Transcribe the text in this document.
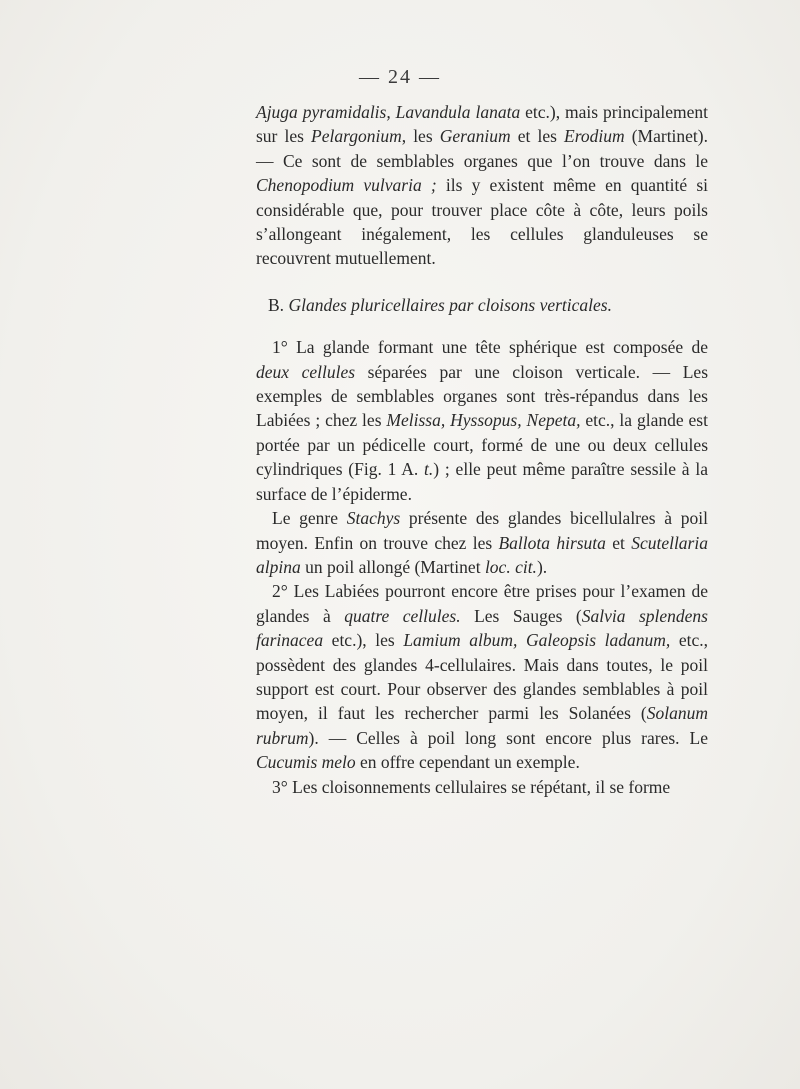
— 24 —

Ajuga pyramidalis, Lavandula lanata etc.), mais principalement sur les Pelargonium, les Geranium et les Erodium (Martinet). — Ce sont de semblables organes que l’on trouve dans le Chenopodium vulvaria ; ils y existent même en quantité si considérable que, pour trouver place côte à côte, leurs poils s’allongeant inégalement, les cellules glanduleuses se recouvrent mutuellement.

B. Glandes pluricellaires par cloisons verticales.

1° La glande formant une tête sphérique est composée de deux cellules séparées par une cloison verticale. — Les exemples de semblables organes sont très-répandus dans les Labiées ; chez les Melissa, Hyssopus, Nepeta, etc., la glande est portée par un pédicelle court, formé de une ou deux cellules cylindriques (Fig. 1 A. t.) ; elle peut même paraître sessile à la surface de l’épiderme.

Le genre Stachys présente des glandes bicellulalres à poil moyen. Enfin on trouve chez les Ballota hirsuta et Scutellaria alpina un poil allongé (Martinet loc. cit.).

2° Les Labiées pourront encore être prises pour l’examen de glandes à quatre cellules. Les Sauges (Salvia splendens farinacea etc.), les Lamium album, Galeopsis ladanum, etc., possèdent des glandes 4-cellulaires. Mais dans toutes, le poil support est court. Pour observer des glandes semblables à poil moyen, il faut les rechercher parmi les Solanées (Solanum rubrum). — Celles à poil long sont encore plus rares. Le Cucumis melo en offre cependant un exemple.

3° Les cloisonnements cellulaires se répétant, il se forme
